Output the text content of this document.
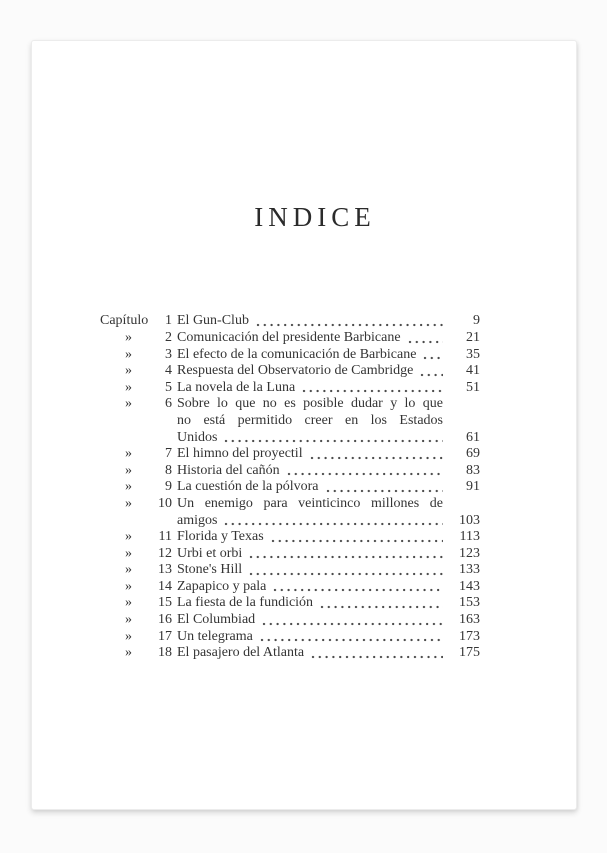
INDICE
Capítulo	1 El Gun-Club	9
»	2 Comunicación del presidente Barbicane	21
»	3 El efecto de la comunicación de Barbicane	35
»	4 Respuesta del Observatorio de Cambridge	41
»	5 La novela de la Luna	51
»	6 Sobre lo que no es posible dudar y lo que
no está permitido creer en los Estados
Unidos	61
»	7 El himno del proyectil	69
»	8 Historia del cañón	83
»	9 La cuestión de la pólvora	91
»	10 Un enemigo para veinticinco millones de
amigos	103
»	11 Florida y Texas	113
»	12 Urbi et orbi	123
»	13 Stone's Hill	133
»	14 Zapapico y pala	143
»	15 La fiesta de la fundición	153
»	16 El Columbiad	163
»	17 Un telegrama	173
»	18 El pasajero del Atlanta	175
